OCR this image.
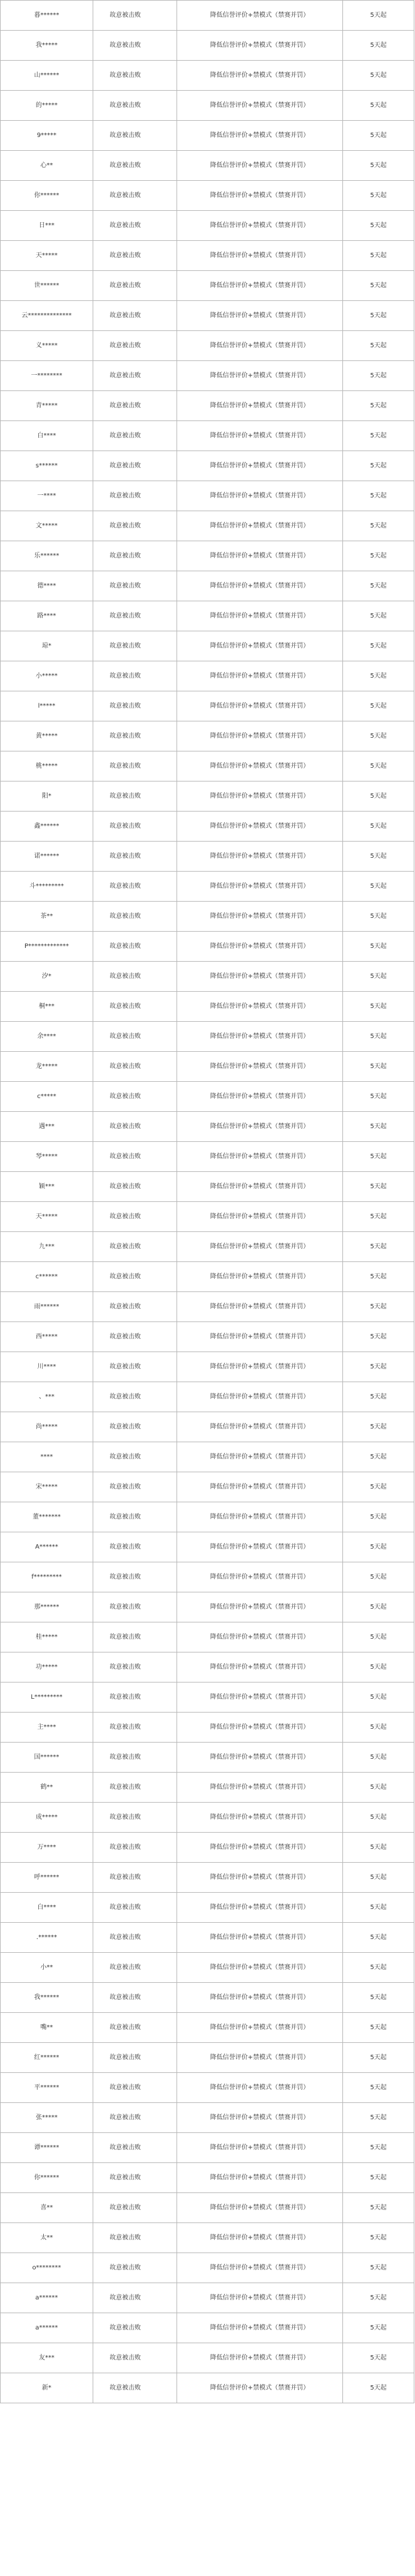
暮******	故意被击败	降低信誉评价+禁模式（禁赛并罚）	5天起
我*****	故意被击败	降低信誉评价+禁模式（禁赛并罚）	5天起
山******	故意被击败	降低信誉评价+禁模式（禁赛并罚）	5天起
的*****	故意被击败	降低信誉评价+禁模式（禁赛并罚）	5天起
9*****	故意被击败	降低信誉评价+禁模式（禁赛并罚）	5天起
心**	故意被击败	降低信誉评价+禁模式（禁赛并罚）	5天起
你******	故意被击败	降低信誉评价+禁模式（禁赛并罚）	5天起
日***	故意被击败	降低信誉评价+禁模式（禁赛并罚）	5天起
天*****	故意被击败	降低信誉评价+禁模式（禁赛并罚）	5天起
世******	故意被击败	降低信誉评价+禁模式（禁赛并罚）	5天起
云**************	故意被击败	降低信誉评价+禁模式（禁赛并罚）	5天起
义*****	故意被击败	降低信誉评价+禁模式（禁赛并罚）	5天起
一********	故意被击败	降低信誉评价+禁模式（禁赛并罚）	5天起
青*****	故意被击败	降低信誉评价+禁模式（禁赛并罚）	5天起
白****	故意被击败	降低信誉评价+禁模式（禁赛并罚）	5天起
s******	故意被击败	降低信誉评价+禁模式（禁赛并罚）	5天起
一****	故意被击败	降低信誉评价+禁模式（禁赛并罚）	5天起
文*****	故意被击败	降低信誉评价+禁模式（禁赛并罚）	5天起
乐******	故意被击败	降低信誉评价+禁模式（禁赛并罚）	5天起
德****	故意被击败	降低信誉评价+禁模式（禁赛并罚）	5天起
路****	故意被击败	降低信誉评价+禁模式（禁赛并罚）	5天起
琼*	故意被击败	降低信誉评价+禁模式（禁赛并罚）	5天起
小*****	故意被击败	降低信誉评价+禁模式（禁赛并罚）	5天起
l*****	故意被击败	降低信誉评价+禁模式（禁赛并罚）	5天起
黄*****	故意被击败	降低信誉评价+禁模式（禁赛并罚）	5天起
桃*****	故意被击败	降低信誉评价+禁模式（禁赛并罚）	5天起
阳*	故意被击败	降低信誉评价+禁模式（禁赛并罚）	5天起
鑫******	故意被击败	降低信誉评价+禁模式（禁赛并罚）	5天起
诺******	故意被击败	降低信誉评价+禁模式（禁赛并罚）	5天起
斗*********	故意被击败	降低信誉评价+禁模式（禁赛并罚）	5天起
茶**	故意被击败	降低信誉评价+禁模式（禁赛并罚）	5天起
P*************	故意被击败	降低信誉评价+禁模式（禁赛并罚）	5天起
汐*	故意被击败	降低信誉评价+禁模式（禁赛并罚）	5天起
桐***	故意被击败	降低信誉评价+禁模式（禁赛并罚）	5天起
余****	故意被击败	降低信誉评价+禁模式（禁赛并罚）	5天起
龙*****	故意被击败	降低信誉评价+禁模式（禁赛并罚）	5天起
c*****	故意被击败	降低信誉评价+禁模式（禁赛并罚）	5天起
遇***	故意被击败	降低信誉评价+禁模式（禁赛并罚）	5天起
琴*****	故意被击败	降低信誉评价+禁模式（禁赛并罚）	5天起
颖***	故意被击败	降低信誉评价+禁模式（禁赛并罚）	5天起
天*****	故意被击败	降低信誉评价+禁模式（禁赛并罚）	5天起
九***	故意被击败	降低信誉评价+禁模式（禁赛并罚）	5天起
c******	故意被击败	降低信誉评价+禁模式（禁赛并罚）	5天起
雨******	故意被击败	降低信誉评价+禁模式（禁赛并罚）	5天起
西*****	故意被击败	降低信誉评价+禁模式（禁赛并罚）	5天起
川****	故意被击败	降低信誉评价+禁模式（禁赛并罚）	5天起
、***	故意被击败	降低信誉评价+禁模式（禁赛并罚）	5天起
尚*****	故意被击败	降低信誉评价+禁模式（禁赛并罚）	5天起
****	故意被击败	降低信誉评价+禁模式（禁赛并罚）	5天起
宋*****	故意被击败	降低信誉评价+禁模式（禁赛并罚）	5天起
董*******	故意被击败	降低信誉评价+禁模式（禁赛并罚）	5天起
A******	故意被击败	降低信誉评价+禁模式（禁赛并罚）	5天起
f*********	故意被击败	降低信誉评价+禁模式（禁赛并罚）	5天起
那******	故意被击败	降低信誉评价+禁模式（禁赛并罚）	5天起
桂*****	故意被击败	降低信誉评价+禁模式（禁赛并罚）	5天起
功*****	故意被击败	降低信誉评价+禁模式（禁赛并罚）	5天起
L*********	故意被击败	降低信誉评价+禁模式（禁赛并罚）	5天起
主****	故意被击败	降低信誉评价+禁模式（禁赛并罚）	5天起
国******	故意被击败	降低信誉评价+禁模式（禁赛并罚）	5天起
鹤**	故意被击败	降低信誉评价+禁模式（禁赛并罚）	5天起
成*****	故意被击败	降低信誉评价+禁模式（禁赛并罚）	5天起
万****	故意被击败	降低信誉评价+禁模式（禁赛并罚）	5天起
呼******	故意被击败	降低信誉评价+禁模式（禁赛并罚）	5天起
白****	故意被击败	降低信誉评价+禁模式（禁赛并罚）	5天起
.******	故意被击败	降低信誉评价+禁模式（禁赛并罚）	5天起
小**	故意被击败	降低信誉评价+禁模式（禁赛并罚）	5天起
我******	故意被击败	降低信誉评价+禁模式（禁赛并罚）	5天起
嘴**	故意被击败	降低信誉评价+禁模式（禁赛并罚）	5天起
红******	故意被击败	降低信誉评价+禁模式（禁赛并罚）	5天起
平******	故意被击败	降低信誉评价+禁模式（禁赛并罚）	5天起
张*****	故意被击败	降低信誉评价+禁模式（禁赛并罚）	5天起
谭******	故意被击败	降低信誉评价+禁模式（禁赛并罚）	5天起
你******	故意被击败	降低信誉评价+禁模式（禁赛并罚）	5天起
喜**	故意被击败	降低信誉评价+禁模式（禁赛并罚）	5天起
太**	故意被击败	降低信誉评价+禁模式（禁赛并罚）	5天起
o********	故意被击败	降低信誉评价+禁模式（禁赛并罚）	5天起
a******	故意被击败	降低信誉评价+禁模式（禁赛并罚）	5天起
a******	故意被击败	降低信誉评价+禁模式（禁赛并罚）	5天起
友***	故意被击败	降低信誉评价+禁模式（禁赛并罚）	5天起
新*	故意被击败	降低信誉评价+禁模式（禁赛并罚）	5天起
